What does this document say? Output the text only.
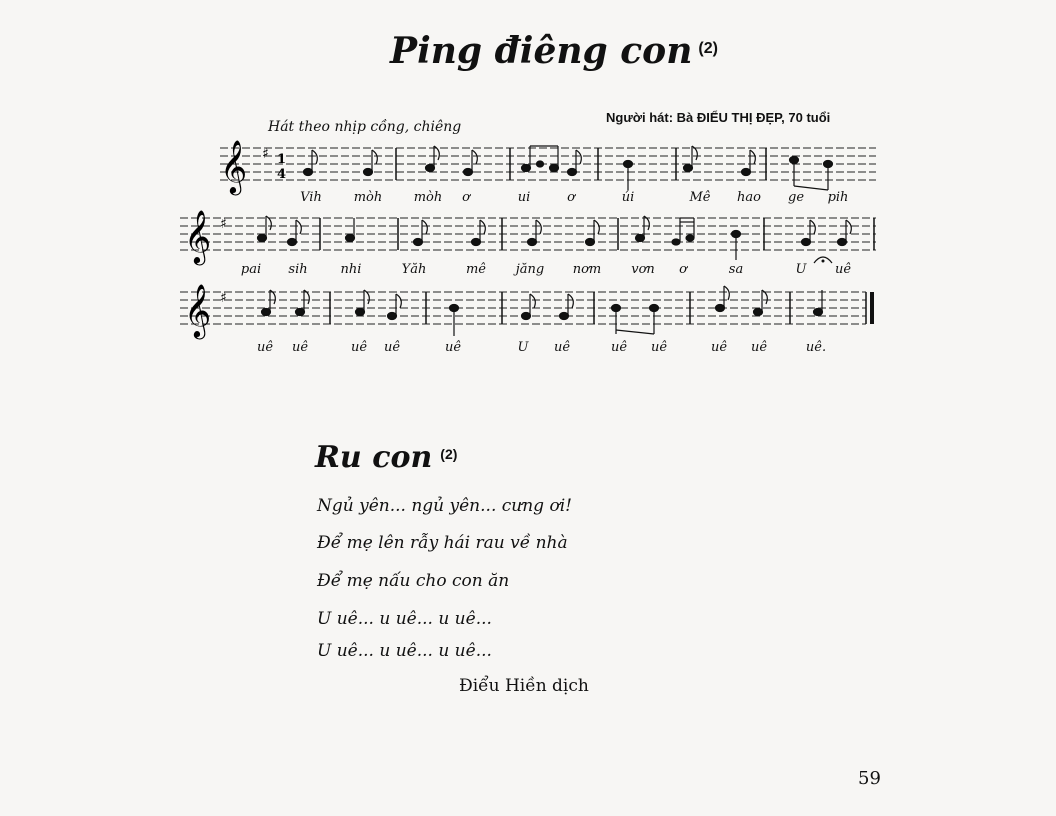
Ping điêng con $^{(2)}$
Người hát: Bà ĐIỂU THỊ ĐẸP, 70 tuổi
Hát theo nhịp cồng, chiêng
𝄞 ♯ 1
4
Vih mòh mòh ơ	ui	ơ	úi	Mê hao ge pih
𝄞 ♯
pai sih	nhi	Yăh	mê jăng nơm vơn ơ	sa	U uê
𝄞 ♯
uê uê	uê uê	uê	U uê	uê uê	uê uê	uê.
Ru con $^{(2)}$
Ngủ yên... ngủ yên... cưng ơi!
Để mẹ lên rẫy hái rau về nhà
Để mẹ nấu cho con ăn
U uê... u uê... u uê...
U uê... u uê... u uê...
Điểu Hiền dịch
59
